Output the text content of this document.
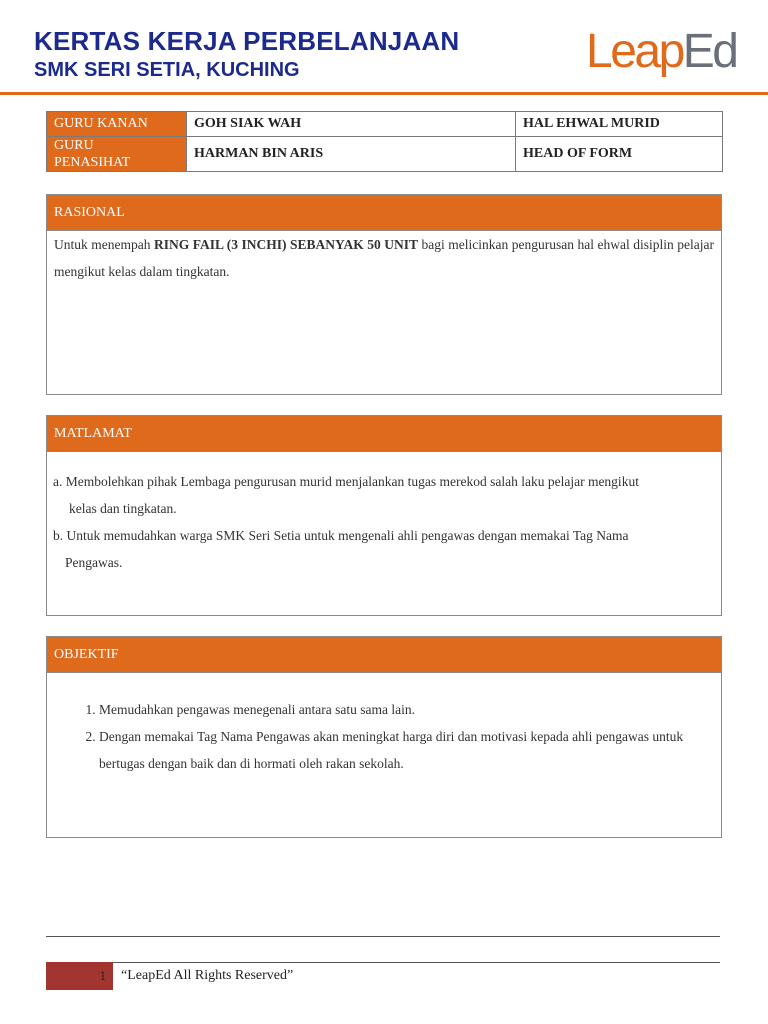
KERTAS KERJA PERBELANJAAN
SMK SERI SETIA, KUCHING	LeapEd
GURU KANAN	GOH SIAK WAH	HAL EHWAL MURID

GURU
PENASIHAT	HARMAN BIN ARIS	HEAD OF FORM
RASIONAL
Untuk menempah RING FAIL (3 INCHI) SEBANYAK 50 UNIT bagi melicinkan pengurusan hal ehwal disiplin pelajar mengikut kelas dalam tingkatan.
MATLAMAT
a. Membolehkan pihak Lembaga pengurusan murid menjalankan tugas merekod salah laku pelajar mengikut
kelas dan tingkatan.
b. Untuk memudahkan warga SMK Seri Setia untuk mengenali ahli pengawas dengan memakai Tag Nama
Pengawas.
OBJEKTIF
1. Memudahkan pengawas menegenali antara satu sama lain.
2. Dengan memakai Tag Nama Pengawas akan meningkat harga diri dan motivasi kepada ahli pengawas untuk bertugas dengan baik dan di hormati oleh rakan sekolah.
1	“LeapEd All Rights Reserved”
